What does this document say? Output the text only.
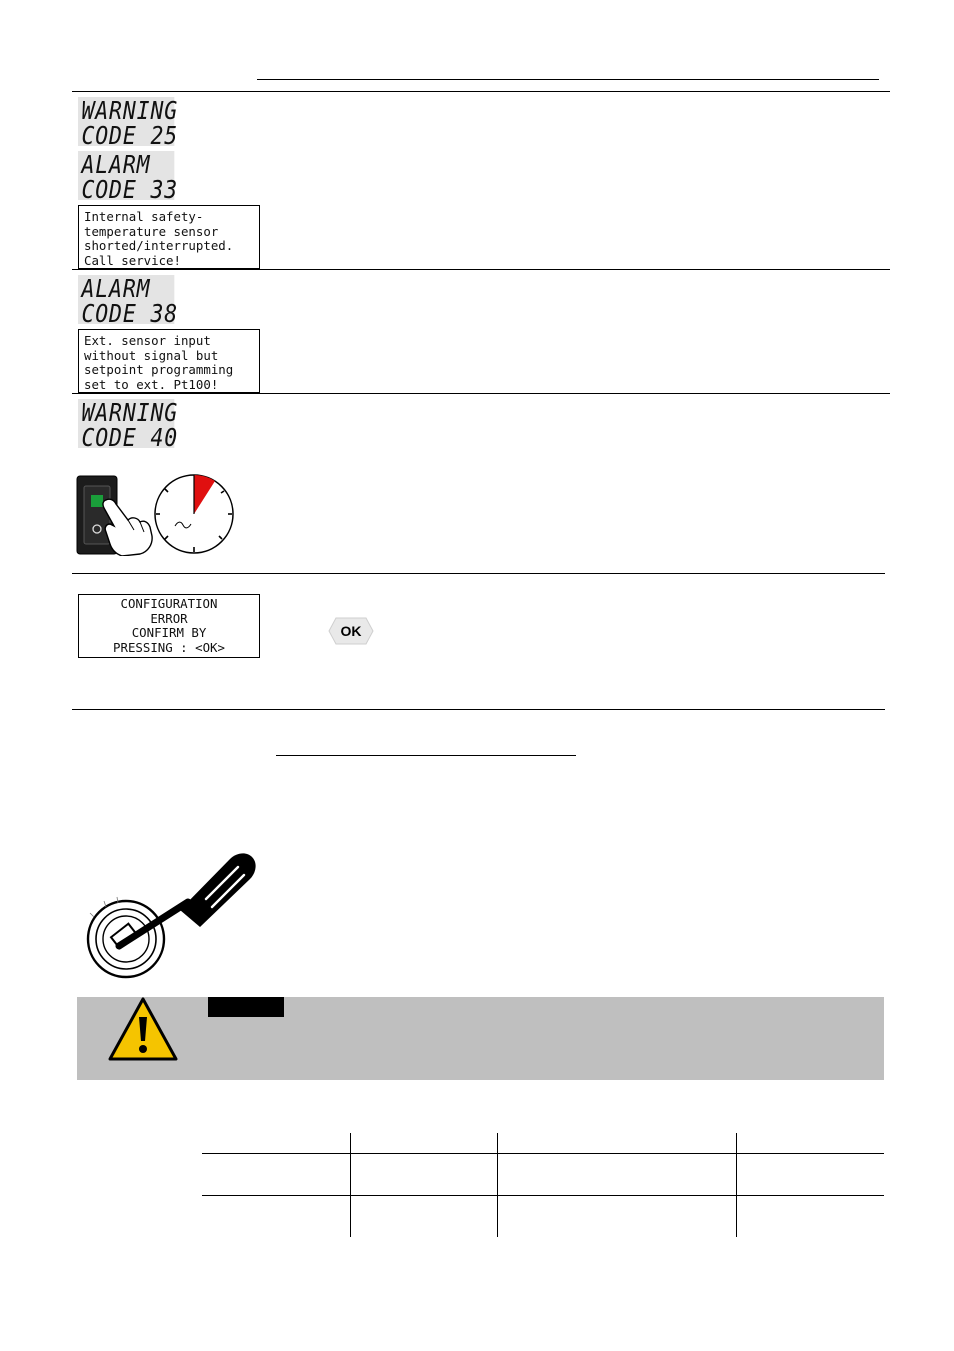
WARNING
CODE 25
ALARM
CODE 33
Internal safety-
temperature sensor
shorted/interrupted.
Call service!
ALARM
CODE 38
Ext. sensor input
without signal but
setpoint programming
set to ext. Pt100!
WARNING
CODE 40
CONFIGURATION
ERROR
CONFIRM BY
PRESSING : <OK>
OK
